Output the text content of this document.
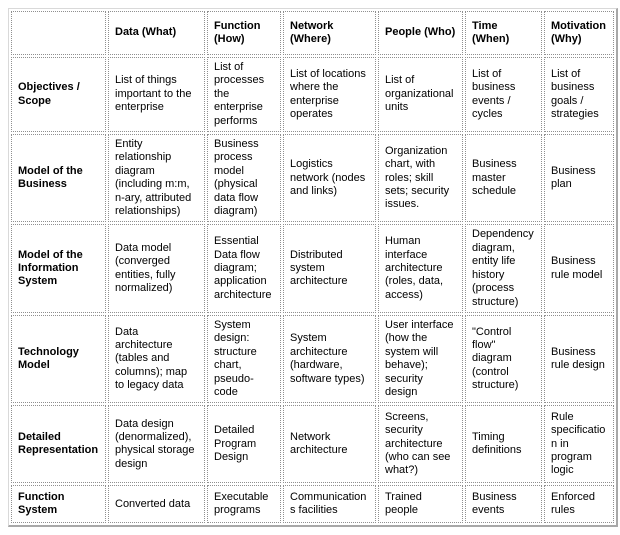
	Data (What)	Function (How)	Network (Where)	People (Who)	Time (When)	Motivation (Why)
Objectives / Scope	List of things important to the enterprise	List of processes the enterprise performs	List of locations where the enterprise operates	List of organizational units	List of business events / cycles	List of business goals / strategies
Model of the Business	Entity relationship diagram (including m:m, n-ary, attributed relationships)	Business process model (physical data flow diagram)	Logistics network (nodes and links)	Organization chart, with roles; skill sets; security issues.	Business master schedule	Business plan
Model of the Information System	Data model (converged entities, fully normalized)	Essential Data flow diagram; application architecture	Distributed system architecture	Human interface architecture (roles, data, access)	Dependency diagram, entity life history (process structure)	Business rule model
Technology Model	Data architecture (tables and columns); map to legacy data	System design: structure chart, pseudo-code	System architecture (hardware, software types)	User interface (how the system will behave); security design	"Control flow" diagram (control structure)	Business rule design
Detailed Representation	Data design (denormalized), physical storage design	Detailed Program Design	Network architecture	Screens, security architecture (who can see what?)	Timing definitions	Rule specification in program logic
Function System	Converted data	Executable programs	Communications facilities	Trained people	Business events	Enforced rules
